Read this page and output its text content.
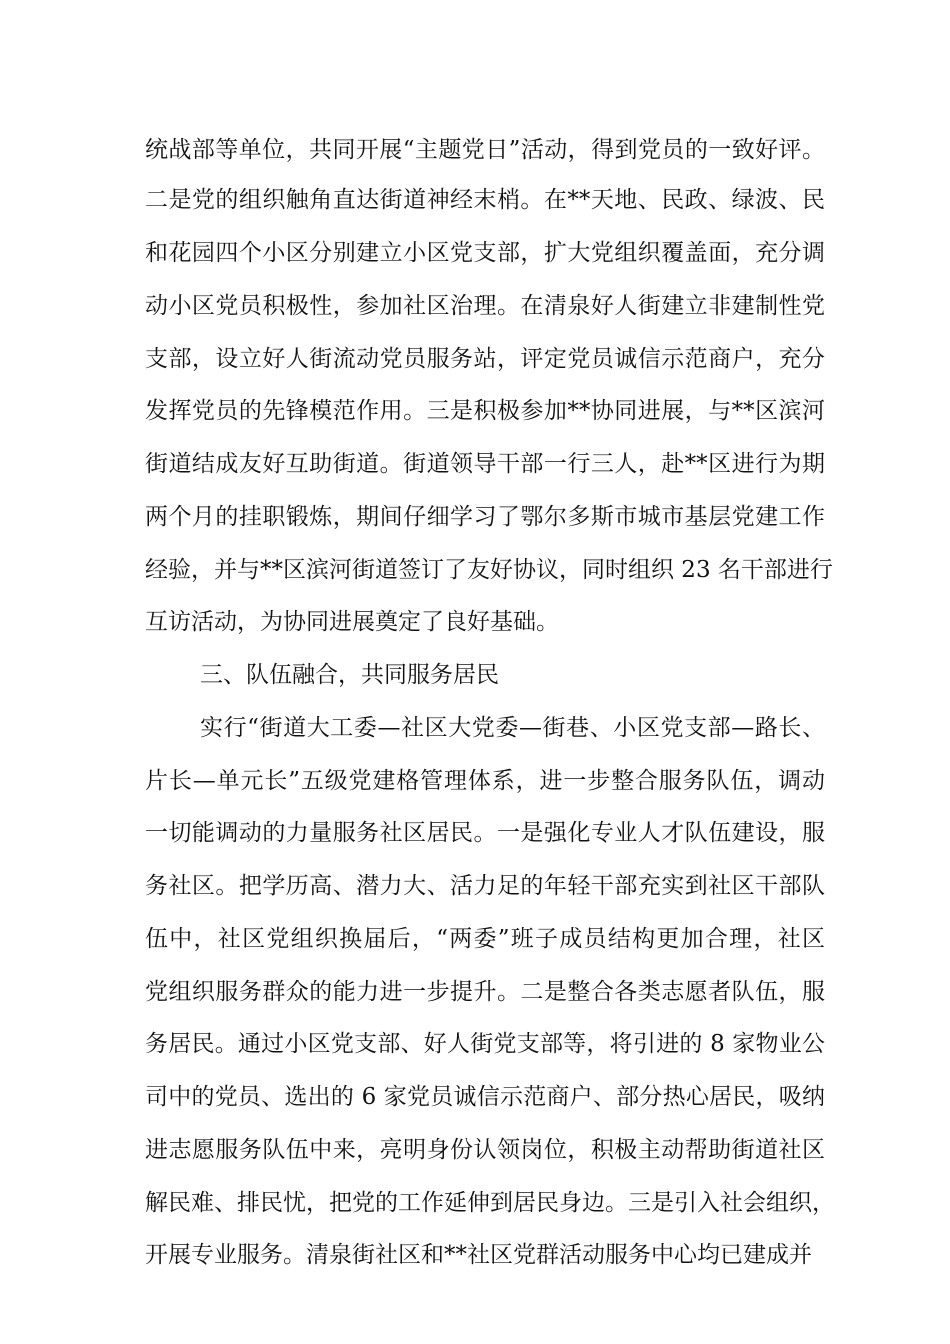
统战部等单位，共同开展“主题党日”活动，得到党员的一致好评。
二是党的组织触角直达街道神经末梢。在**天地、民政、绿波、民
和花园四个小区分别建立小区党支部，扩大党组织覆盖面，充分调
动小区党员积极性，参加社区治理。在清泉好人街建立非建制性党
支部，设立好人街流动党员服务站，评定党员诚信示范商户，充分
发挥党员的先锋模范作用。三是积极参加**协同进展，与**区滨河
街道结成友好互助街道。街道领导干部一行三人，赴**区进行为期
两个月的挂职锻炼，期间仔细学习了鄂尔多斯市城市基层党建工作
经验，并与**区滨河街道签订了友好协议，同时组织 23 名干部进行
互访活动，为协同进展奠定了良好基础。
三、队伍融合，共同服务居民
实行“街道大工委—社区大党委—街巷、小区党支部—路长、
片长—单元长”五级党建格管理体系，进一步整合服务队伍，调动
一切能调动的力量服务社区居民。一是强化专业人才队伍建设，服
务社区。把学历高、潜力大、活力足的年轻干部充实到社区干部队
伍中，社区党组织换届后，“两委”班子成员结构更加合理，社区
党组织服务群众的能力进一步提升。二是整合各类志愿者队伍，服
务居民。通过小区党支部、好人街党支部等，将引进的 8 家物业公
司中的党员、选出的 6 家党员诚信示范商户、部分热心居民，吸纳
进志愿服务队伍中来，亮明身份认领岗位，积极主动帮助街道社区
解民难、排民忧，把党的工作延伸到居民身边。三是引入社会组织，
开展专业服务。清泉街社区和**社区党群活动服务中心均已建成并
